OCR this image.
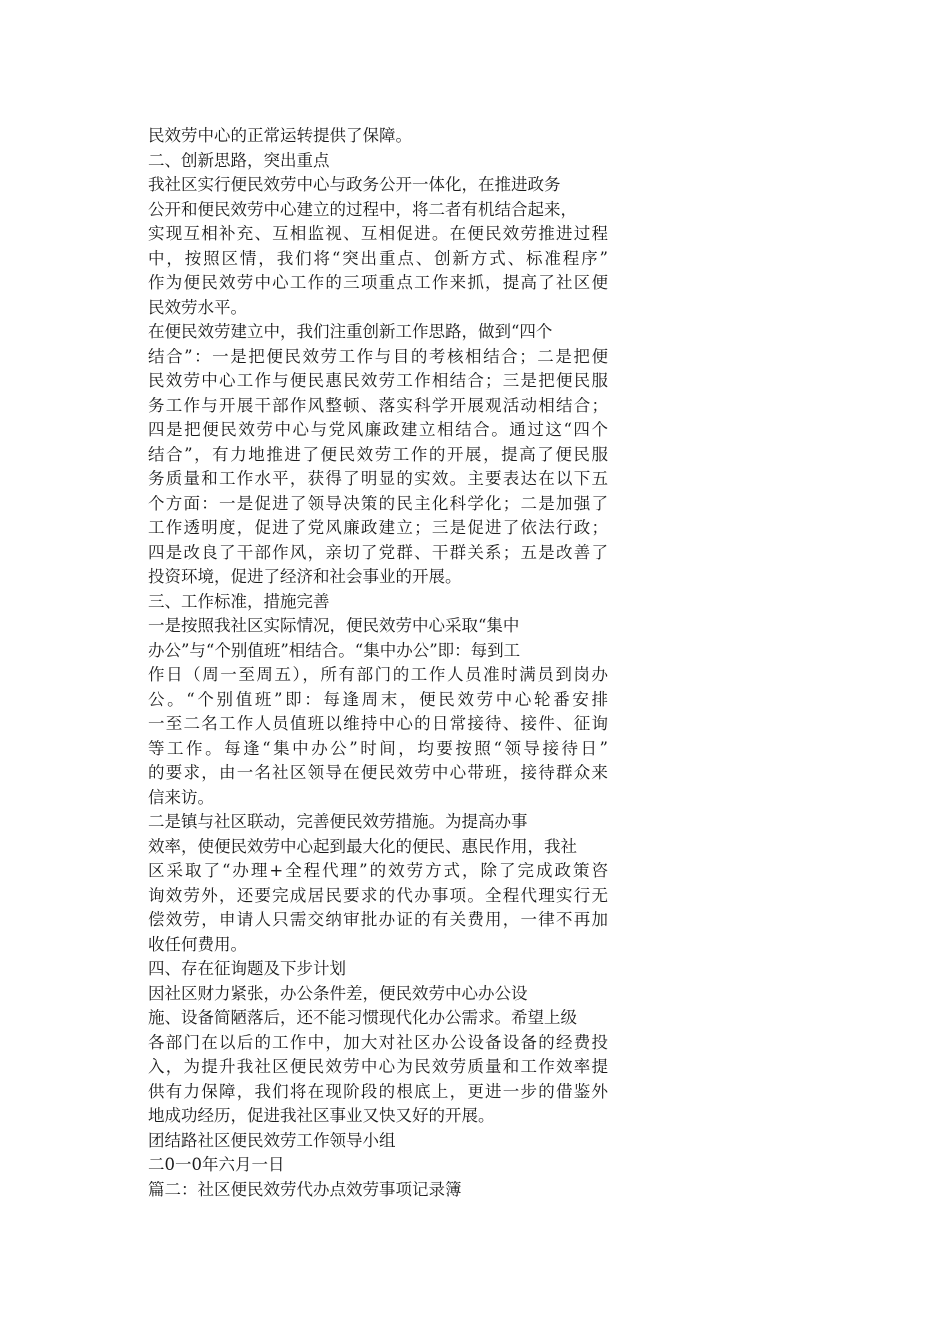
民效劳中心的正常运转提供了保障。
二、创新思路，突出重点
我社区实行便民效劳中心与政务公开一体化，在推进政务
公开和便民效劳中心建立的过程中，将二者有机结合起来，
实现互相补充、互相监视、互相促进。在便民效劳推进过程
中，按照区情，我们将“突出重点、创新方式、标准程序”
作为便民效劳中心工作的三项重点工作来抓，提高了社区便
民效劳水平。
在便民效劳建立中，我们注重创新工作思路，做到“四个
结合”：一是把便民效劳工作与目的考核相结合；二是把便
民效劳中心工作与便民惠民效劳工作相结合；三是把便民服
务工作与开展干部作风整顿、落实科学开展观活动相结合；
四是把便民效劳中心与党风廉政建立相结合。通过这“四个
结合”，有力地推进了便民效劳工作的开展，提高了便民服
务质量和工作水平，获得了明显的实效。主要表达在以下五
个方面：一是促进了领导决策的民主化科学化；二是加强了
工作透明度，促进了党风廉政建立；三是促进了依法行政；
四是改良了干部作风，亲切了党群、干群关系；五是改善了
投资环境，促进了经济和社会事业的开展。
三、工作标准，措施完善
一是按照我社区实际情况，便民效劳中心采取“集中
办公”与“个别值班”相结合。“集中办公”即：每到工
作日（周一至周五），所有部门的工作人员准时满员到岗办
公。“个别值班”即：每逢周末，便民效劳中心轮番安排
一至二名工作人员值班以维持中心的日常接待、接件、征询
等工作。每逢“集中办公”时间，均要按照“领导接待日”
的要求，由一名社区领导在便民效劳中心带班，接待群众来
信来访。
二是镇与社区联动，完善便民效劳措施。为提高办事
效率，使便民效劳中心起到最大化的便民、惠民作用，我社
区采取了“办理+全程代理”的效劳方式，除了完成政策咨
询效劳外，还要完成居民要求的代办事项。全程代理实行无
偿效劳，申请人只需交纳审批办证的有关费用，一律不再加
收任何费用。
四、存在征询题及下步计划
因社区财力紧张，办公条件差，便民效劳中心办公设
施、设备简陋落后，还不能习惯现代化办公需求。希望上级
各部门在以后的工作中，加大对社区办公设备设备的经费投
入，为提升我社区便民效劳中心为民效劳质量和工作效率提
供有力保障，我们将在现阶段的根底上，更进一步的借鉴外
地成功经历，促进我社区事业又快又好的开展。
团结路社区便民效劳工作领导小组
二0一0年六月一日
篇二：社区便民效劳代办点效劳事项记录簿
